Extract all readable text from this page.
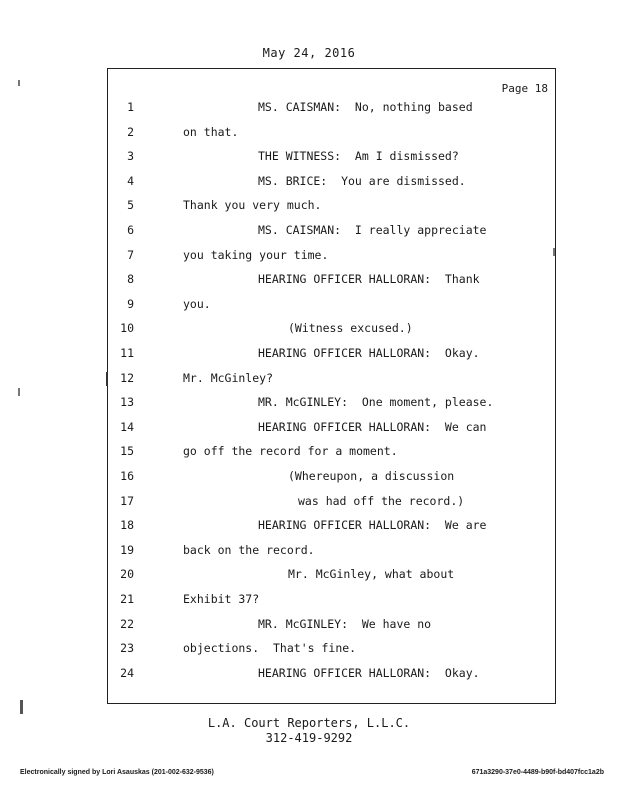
May 24, 2016
Page 18
1	MS. CAISMAN:  No, nothing based
2	on that.
3	THE WITNESS:  Am I dismissed?
4	MS. BRICE:  You are dismissed.
5	Thank you very much.
6	MS. CAISMAN:  I really appreciate
7	you taking your time.
8	HEARING OFFICER HALLORAN:  Thank
9	you.
10	(Witness excused.)
11	HEARING OFFICER HALLORAN:  Okay.
12	Mr. McGinley?
13	MR. McGINLEY:  One moment, please.
14	HEARING OFFICER HALLORAN:  We can
15	go off the record for a moment.
16	(Whereupon, a discussion
17	was had off the record.)
18	HEARING OFFICER HALLORAN:  We are
19	back on the record.
20	Mr. McGinley, what about
21	Exhibit 37?
22	MR. McGINLEY:  We have no
23	objections.  That's fine.
24	HEARING OFFICER HALLORAN:  Okay.
L.A. Court Reporters, L.L.C.
312-419-9292
Electronically signed by Lori Asauskas (201-002-632-9536)	671a3290-37e0-4489-b90f-bd407fcc1a2b
